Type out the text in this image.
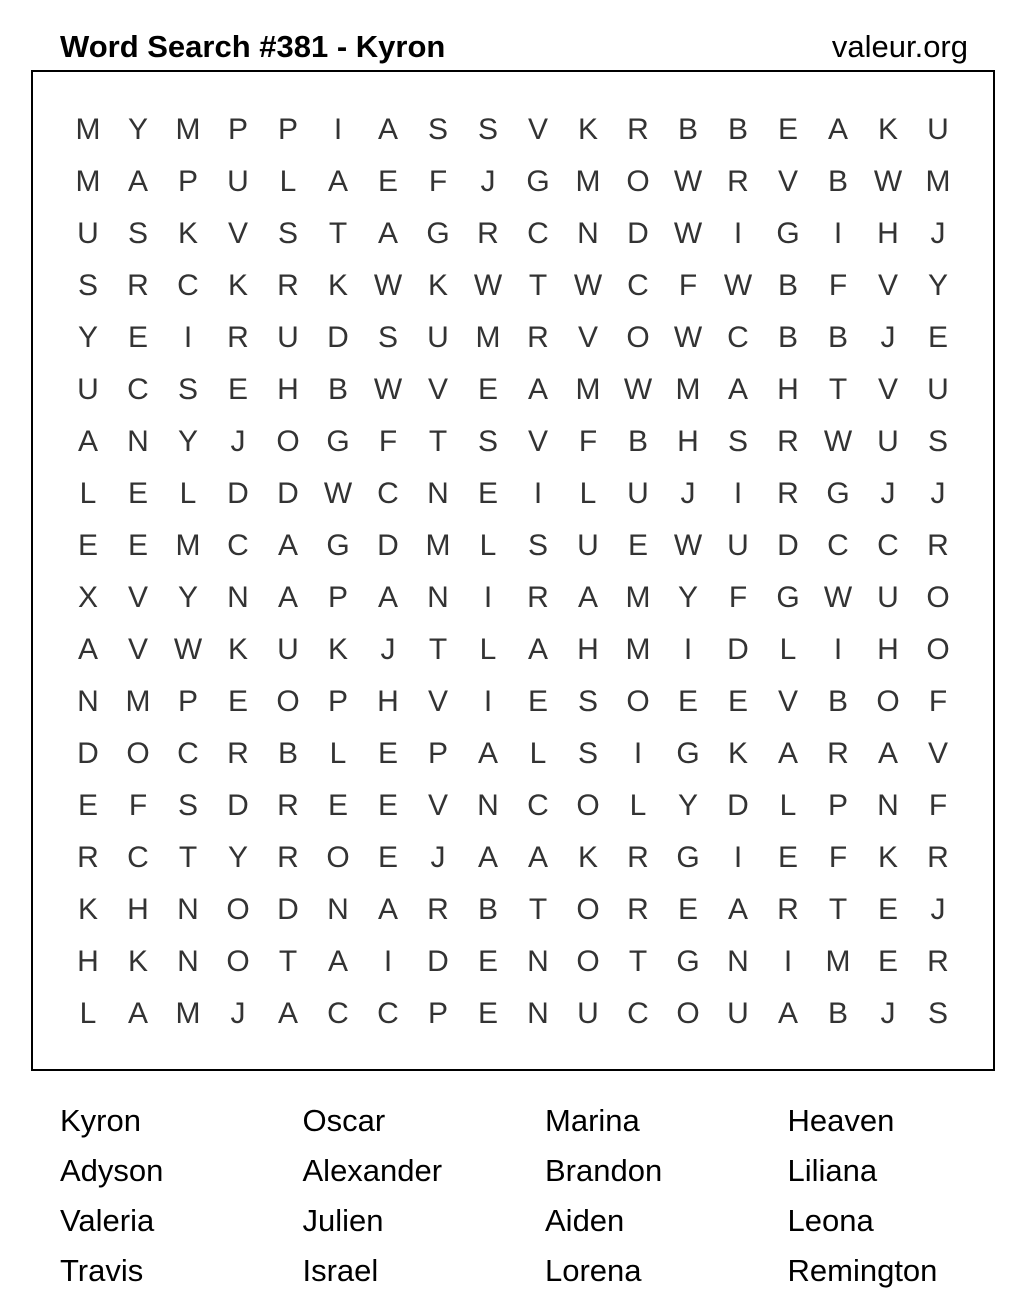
Word Search #381 - Kyron	valeur.org
M Y M P P	I	A S S V K R B B E A K U
M A P U	L	A E	F	J	G M O W R V B W M
U S K V S	T	A G R C N D W	I	G	I	H	J
S R C K R K W K W T W C	F W B	F	V Y
Y E	I	R U D S U M R V O W C B B	J	E
U C S E H B W V E A M W M A H	T	V U
A N Y	J	O G F	T	S V	F	B H S R W U S
L	E	L	D D W C N E	I	L	U	J	I	R G	J	J
E E M C A G D M L	S U E W U D C C R
X V Y N A P A N	I	R A M Y	F G W U O
A V W K U K	J	T	L	A H M	I	D	L	I	H O
N M P E O P H V	I	E S O E E V B O F
D O C R B	L	E P A	L	S	I	G K A R A V
E	F	S D R E E V N C O L	Y D	L	P N	F
R C	T	Y R O E	J	A A K R G	I	E	F	K R
K H N O D N A R B	T O R E A R	T	E	J
H K N O T	A	I	D E N O T G N	I	M E R
L	A M	J	A C C P E N U C O U A B	J	S
Kyron	Oscar	Marina	Heaven
Adyson	Alexander	Brandon	Liliana
Valeria	Julien	Aiden	Leona
Travis	Israel	Lorena	Remington
